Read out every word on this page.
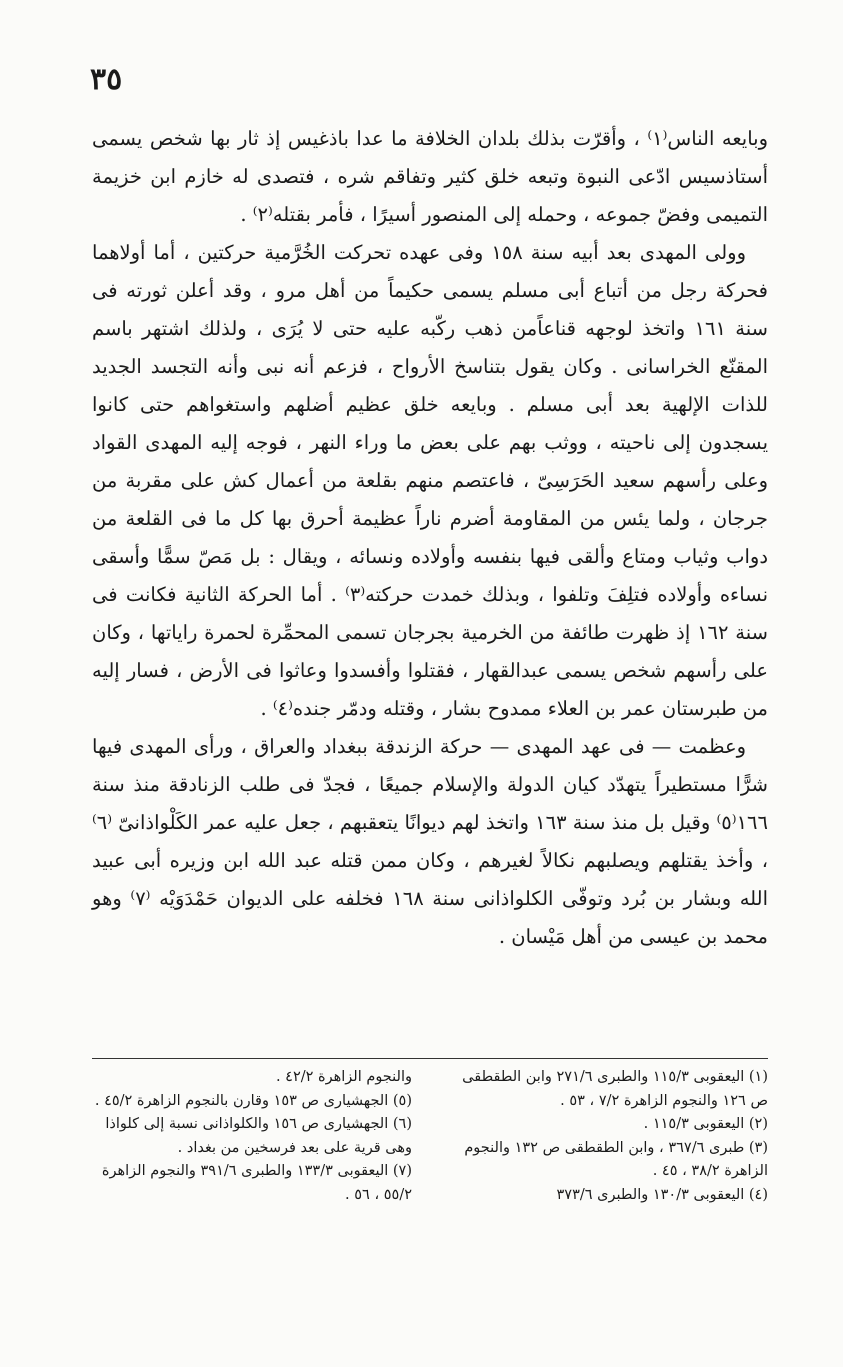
٣٥

وبايعه الناس⁽١⁾ ، وأقرّت بذلك بلدان الخلافة ما عدا باذغيس إذ ثار بها شخص يسمى أستاذسيس ادّعى النبوة وتبعه خلق كثير وتفاقم شره ، فتصدى له خازم ابن خزيمة التميمى وفضّ جموعه ، وحمله إلى المنصور أسيرًا ، فأمر بقتله⁽٢⁾ .

وولى المهدى بعد أبيه سنة ١٥٨ وفى عهده تحركت الخُرَّمية حركتين ، أما أولاهما فحركة رجل من أتباع أبى مسلم يسمى حكيماً من أهل مرو ، وقد أعلن ثورته فى سنة ١٦١ واتخذ لوجهه قناعاًمن ذهب ركّبه عليه حتى لا يُرَى ، ولذلك اشتهر باسم المقنّع الخراسانى . وكان يقول بتناسخ الأرواح ، فزعم أنه نبى وأنه التجسد الجديد للذات الإلهية بعد أبى مسلم . وبايعه خلق عظيم أضلهم واستغواهم حتى كانوا يسجدون إلى ناحيته ، ووثب بهم على بعض ما وراء النهر ، فوجه إليه المهدى القواد وعلى رأسهم سعيد الحَرَسِىّ ، فاعتصم منهم بقلعة من أعمال كش على مقربة من جرجان ، ولما يئس من المقاومة أضرم ناراً عظيمة أحرق بها كل ما فى القلعة من دواب وثياب ومتاع وألقى فيها بنفسه وأولاده ونسائه ، ويقال : بل مَصّ سمًّا وأسقى نساءه وأولاده فتلِفَ وتلفوا ، وبذلك خمدت حركته⁽٣⁾ . أما الحركة الثانية فكانت فى سنة ١٦٢ إذ ظهرت طائفة من الخرمية بجرجان تسمى المحمِّرة لحمرة راياتها ، وكان على رأسهم شخص يسمى عبدالقهار ، فقتلوا وأفسدوا وعاثوا فى الأرض ، فسار إليه من طبرستان عمر بن العلاء ممدوح بشار ، وقتله ودمّر جنده⁽٤⁾ .

وعظمت — فى عهد المهدى — حركة الزندقة ببغداد والعراق ، ورأى المهدى فيها شرًّا مستطيراً يتهدّد كيان الدولة والإسلام جميعًا ، فجدّ فى طلب الزنادقة منذ سنة ١٦٦⁽٥⁾ وقيل بل منذ سنة ١٦٣ واتخذ لهم ديوانًا يتعقبهم ، جعل عليه عمر الكَلْواذانىّ ⁽٦⁾ ، وأخذ يقتلهم ويصلبهم نكالاً لغيرهم ، وكان ممن قتله عبد الله ابن وزيره أبى عبيد الله وبشار بن بُرد وتوفّى الكلواذانى سنة ١٦٨ فخلفه على الديوان حَمْدَوَيْه ⁽٧⁾ وهو محمد بن عيسى من أهل مَيْسان .

(١) اليعقوبى ١١٥/٣ والطبرى ٢٧١/٦ وابن الطقطقى ص ١٢٦ والنجوم الزاهرة ٧/٢ ، ٥٣ .

(٢) اليعقوبى ١١٥/٣ .

(٣) طبرى ٣٦٧/٦ ، وابن الطقطقى ص ١٣٢ والنجوم الزاهرة ٣٨/٢ ، ٤٥ .

(٤) اليعقوبى ١٣٠/٣ والطبرى ٣٧٣/٦

والنجوم الزاهرة ٤٢/٢ .

(٥) الجهشيارى ص ١٥٣ وقارن بالنجوم الزاهرة ٤٥/٢ .

(٦) الجهشيارى ص ١٥٦ والكلواذانى نسبة إلى كلواذا وهى قرية على بعد فرسخين من بغداد .

(٧) اليعقوبى ١٣٣/٣ والطبرى ٣٩١/٦ والنجوم الزاهرة ٥٥/٢ ، ٥٦ .
